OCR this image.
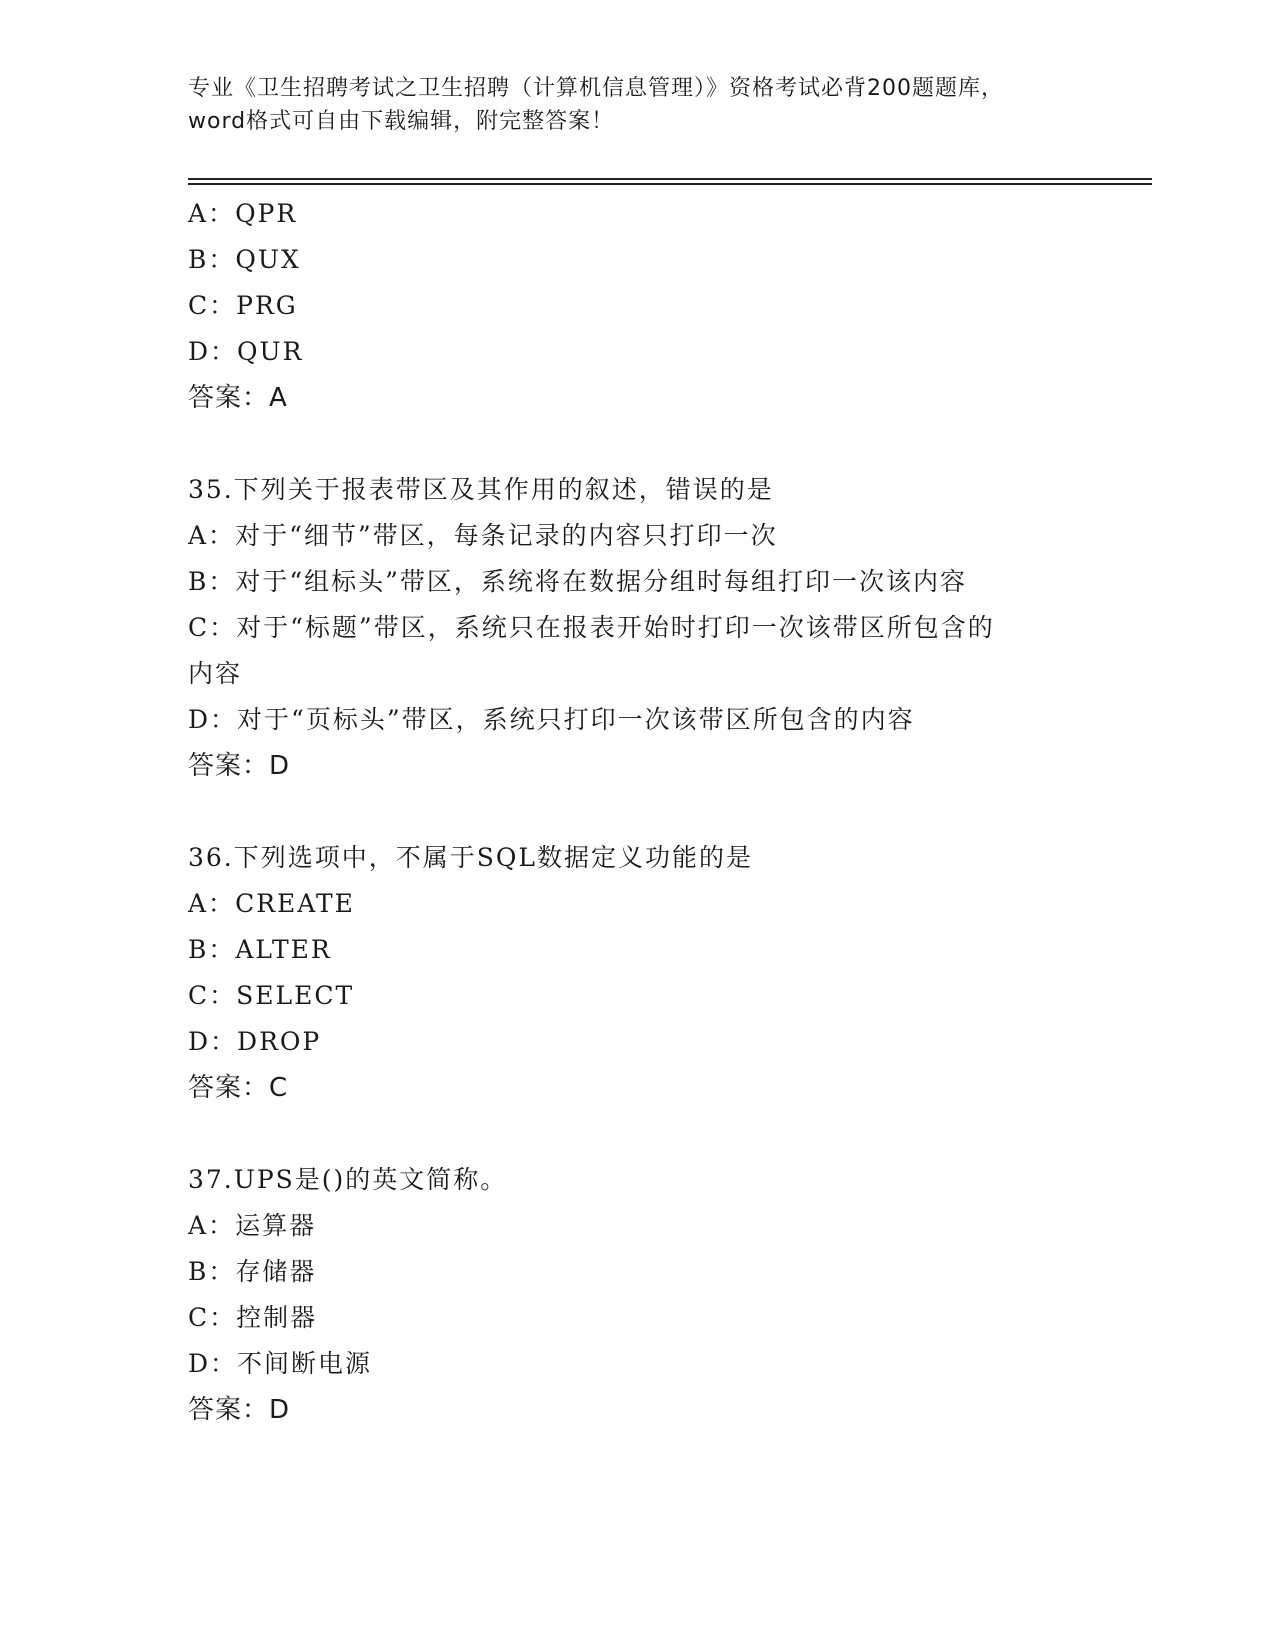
专业《卫生招聘考试之卫生招聘（计算机信息管理）》资格考试必背200题题库，
word格式可自由下载编辑，附完整答案！
A：QPR
B：QUX
C：PRG
D：QUR
答案：A
35.下列关于报表带区及其作用的叙述，错误的是
A：对于“细节”带区，每条记录的内容只打印一次
B：对于“组标头”带区，系统将在数据分组时每组打印一次该内容
C：对于“标题”带区，系统只在报表开始时打印一次该带区所包含的
内容
D：对于“页标头”带区，系统只打印一次该带区所包含的内容
答案：D
36.下列选项中，不属于SQL数据定义功能的是
A：CREATE
B：ALTER
C：SELECT
D：DROP
答案：C
37.UPS是()的英文简称。
A：运算器
B：存储器
C：控制器
D：不间断电源
答案：D
